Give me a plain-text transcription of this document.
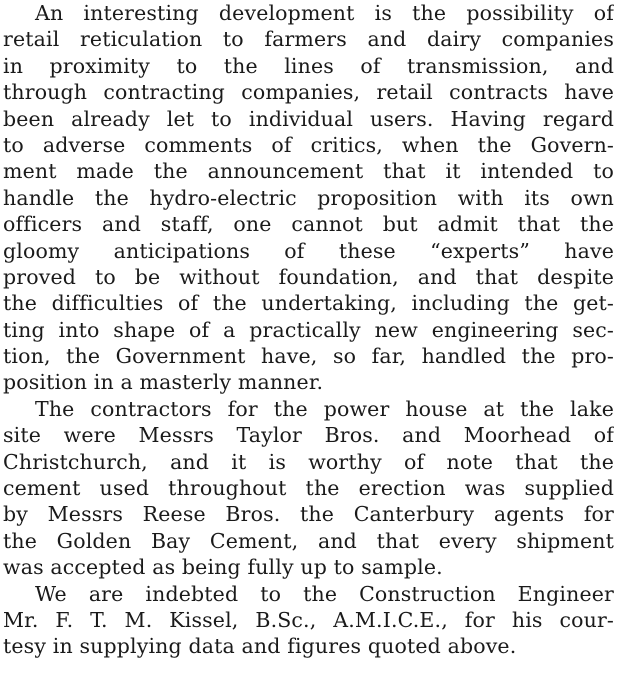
An interesting development is the possibility of
retail reticulation to farmers and dairy companies
in proximity to the lines of transmission, and
through contracting companies, retail contracts have
been already let to individual users. Having regard
to adverse comments of critics, when the Govern-
ment made the announcement that it intended to
handle the hydro-electric proposition with its own
officers and staff, one cannot but admit that the
gloomy anticipations of these “experts” have
proved to be without foundation, and that despite
the difficulties of the undertaking, including the get-
ting into shape of a practically new engineering sec-
tion, the Government have, so far, handled the pro-
position in a masterly manner.
The contractors for the power house at the lake
site were Messrs Taylor Bros. and Moorhead of
Christchurch, and it is worthy of note that the
cement used throughout the erection was supplied
by Messrs Reese Bros. the Canterbury agents for
the Golden Bay Cement, and that every shipment
was accepted as being fully up to sample.
We are indebted to the Construction Engineer
Mr. F. T. M. Kissel, B.Sc., A.M.I.C.E., for his cour-
tesy in supplying data and figures quoted above.
